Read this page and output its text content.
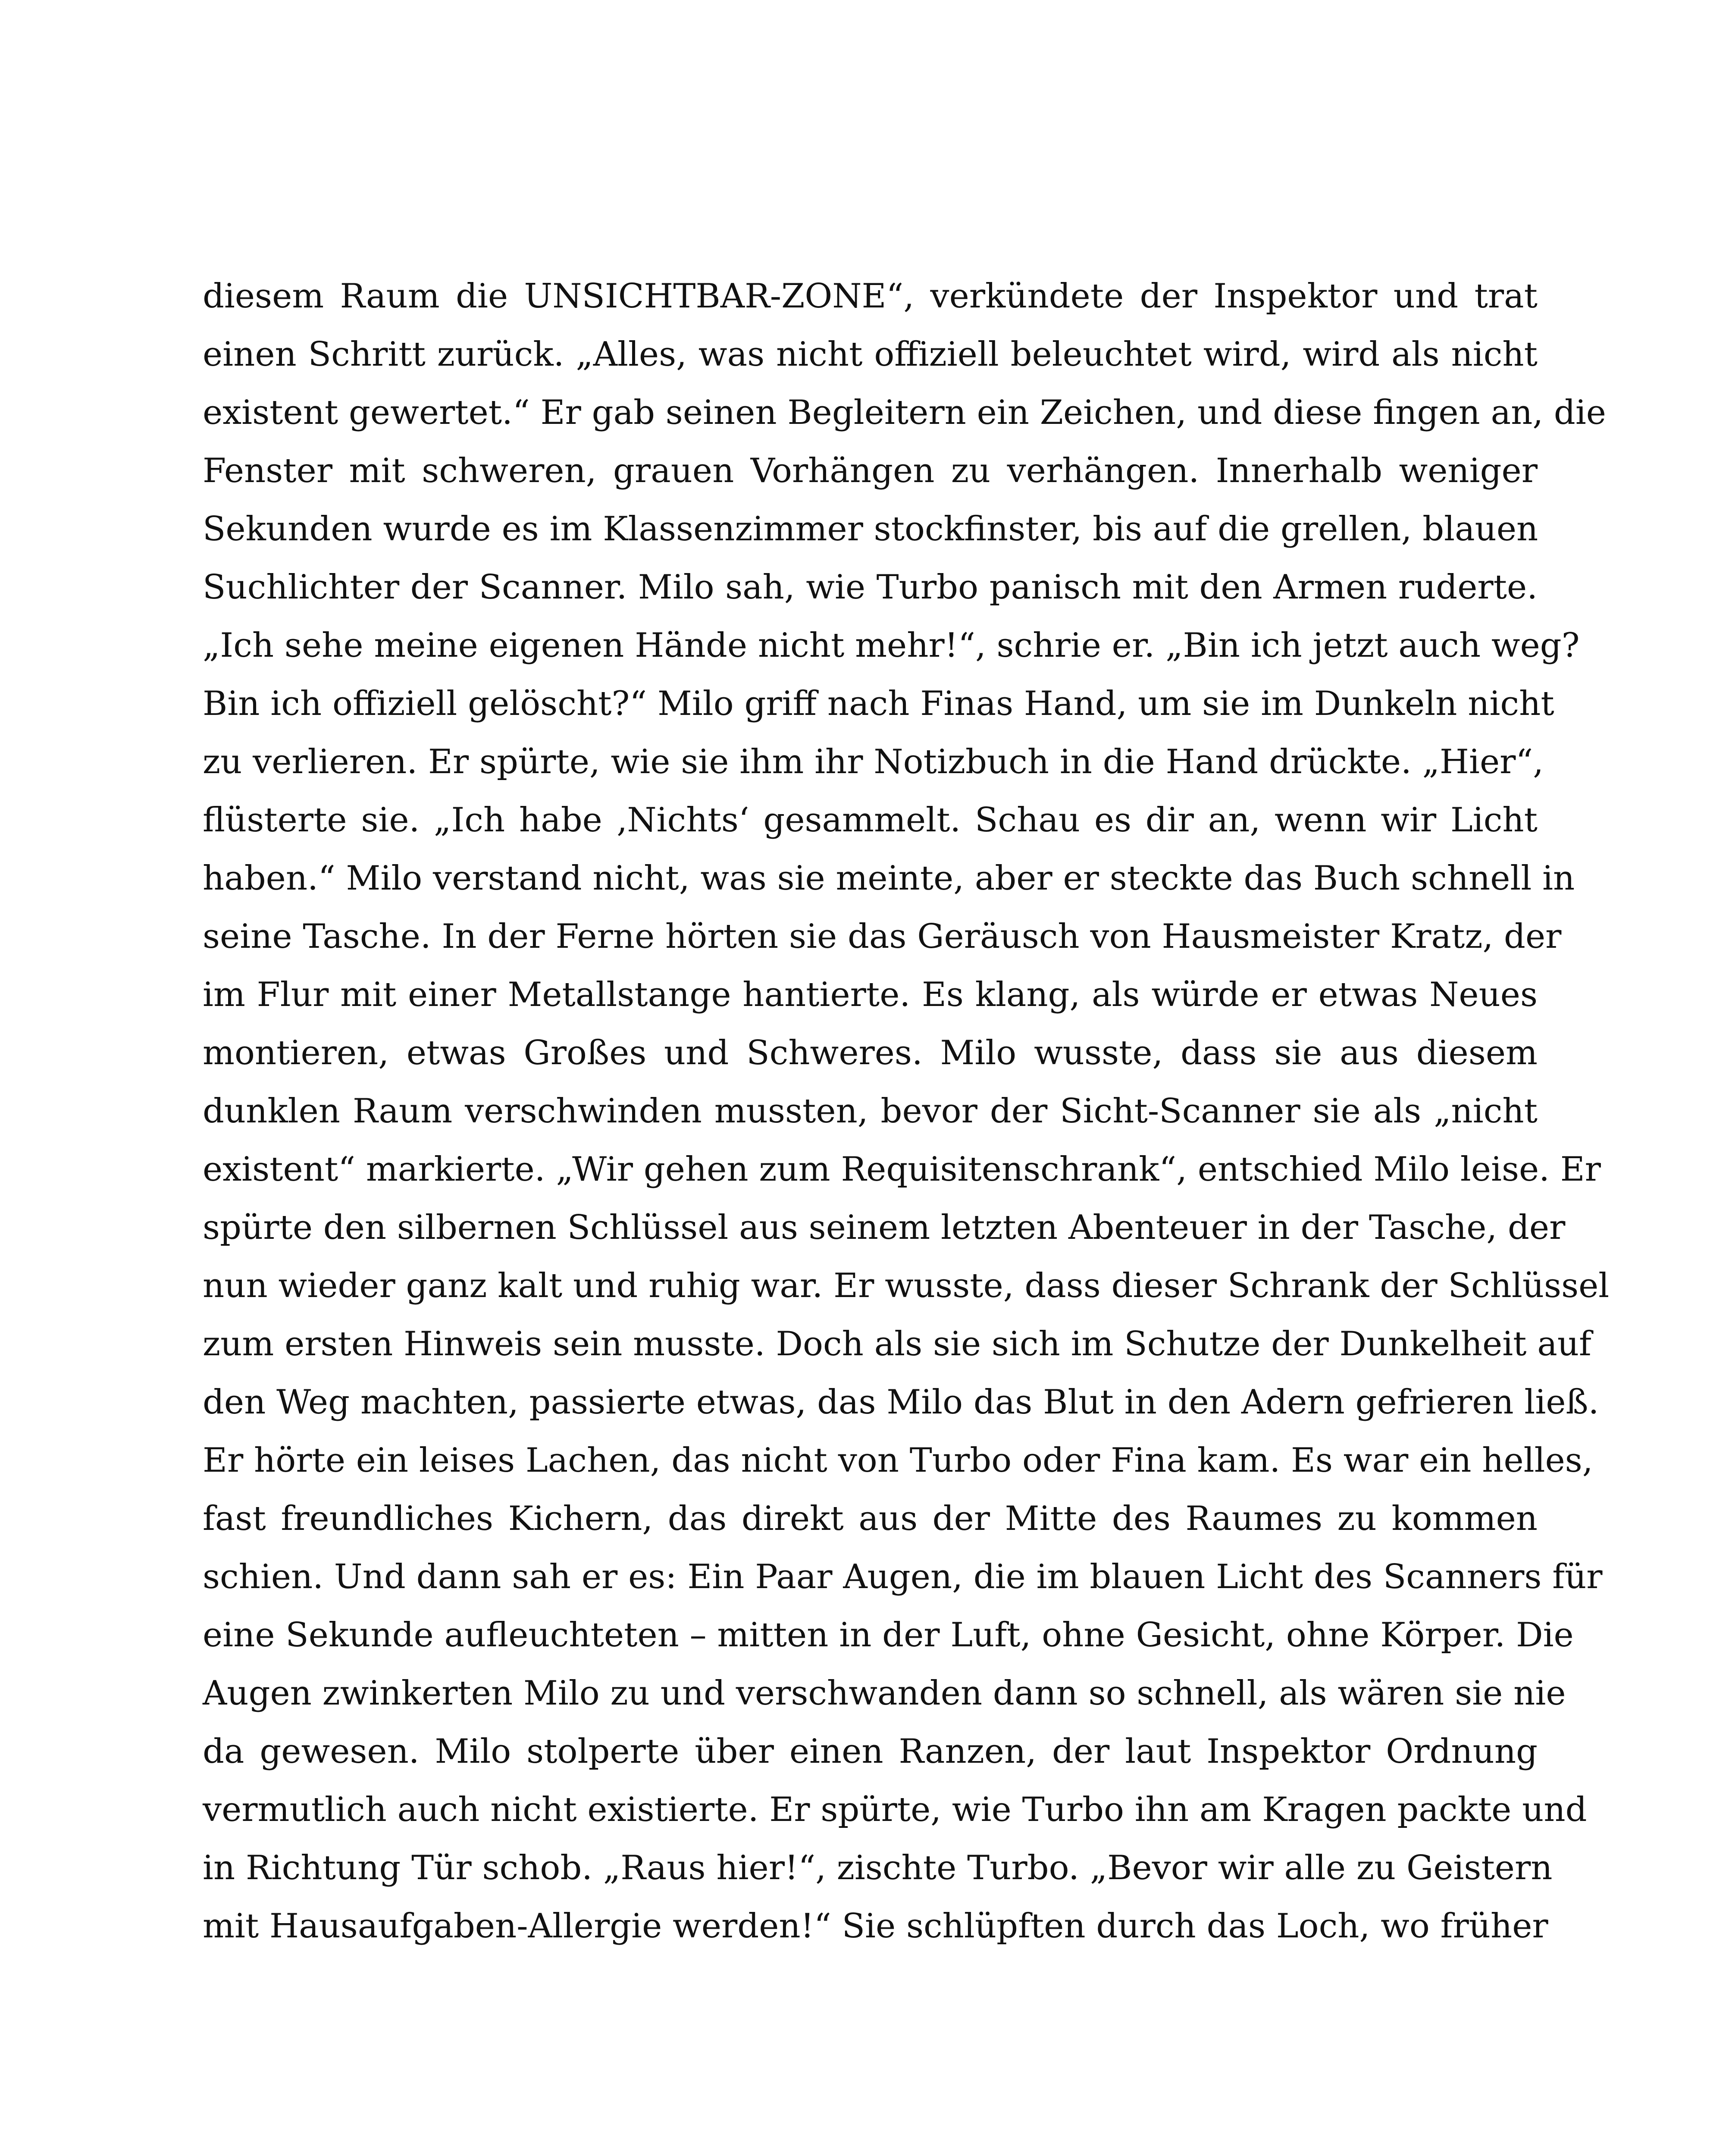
diesem Raum die UNSICHTBAR-ZONE“, verkündete der Inspektor und trat
einen Schritt zurück. „Alles, was nicht offiziell beleuchtet wird, wird als nicht
existent gewertet.“ Er gab seinen Begleitern ein Zeichen, und diese fingen an, die
Fenster mit schweren, grauen Vorhängen zu verhängen. Innerhalb weniger
Sekunden wurde es im Klassenzimmer stockfinster, bis auf die grellen, blauen
Suchlichter der Scanner. Milo sah, wie Turbo panisch mit den Armen ruderte.
„Ich sehe meine eigenen Hände nicht mehr!“, schrie er. „Bin ich jetzt auch weg?
Bin ich offiziell gelöscht?“ Milo griff nach Finas Hand, um sie im Dunkeln nicht
zu verlieren. Er spürte, wie sie ihm ihr Notizbuch in die Hand drückte. „Hier“,
flüsterte sie. „Ich habe ‚Nichts‘ gesammelt. Schau es dir an, wenn wir Licht
haben.“ Milo verstand nicht, was sie meinte, aber er steckte das Buch schnell in
seine Tasche. In der Ferne hörten sie das Geräusch von Hausmeister Kratz, der
im Flur mit einer Metallstange hantierte. Es klang, als würde er etwas Neues
montieren, etwas Großes und Schweres. Milo wusste, dass sie aus diesem
dunklen Raum verschwinden mussten, bevor der Sicht-Scanner sie als „nicht
existent“ markierte. „Wir gehen zum Requisitenschrank“, entschied Milo leise. Er
spürte den silbernen Schlüssel aus seinem letzten Abenteuer in der Tasche, der
nun wieder ganz kalt und ruhig war. Er wusste, dass dieser Schrank der Schlüssel
zum ersten Hinweis sein musste. Doch als sie sich im Schutze der Dunkelheit auf
den Weg machten, passierte etwas, das Milo das Blut in den Adern gefrieren ließ.
Er hörte ein leises Lachen, das nicht von Turbo oder Fina kam. Es war ein helles,
fast freundliches Kichern, das direkt aus der Mitte des Raumes zu kommen
schien. Und dann sah er es: Ein Paar Augen, die im blauen Licht des Scanners für
eine Sekunde aufleuchteten – mitten in der Luft, ohne Gesicht, ohne Körper. Die
Augen zwinkerten Milo zu und verschwanden dann so schnell, als wären sie nie
da gewesen. Milo stolperte über einen Ranzen, der laut Inspektor Ordnung
vermutlich auch nicht existierte. Er spürte, wie Turbo ihn am Kragen packte und
in Richtung Tür schob. „Raus hier!“, zischte Turbo. „Bevor wir alle zu Geistern
mit Hausaufgaben-Allergie werden!“ Sie schlüpften durch das Loch, wo früher
